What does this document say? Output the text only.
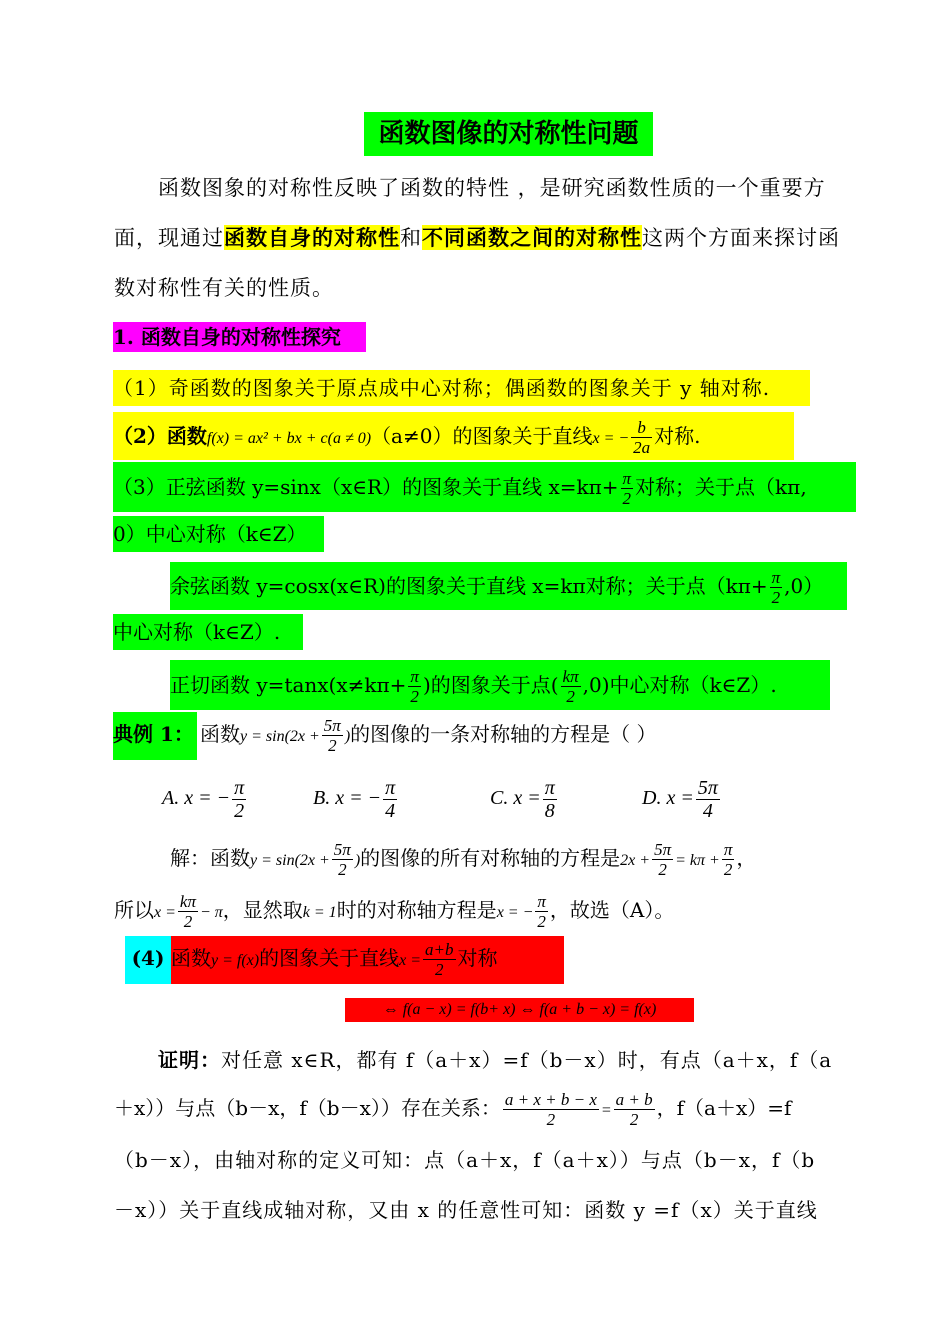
函数图像的对称性问题
函数图象的对称性反映了函数的特性 ，是研究函数性质的一个重要方
面，现通过函数自身的对称性和不同函数之间的对称性这两个方面来探讨函
数对称性有关的性质。
1. 函数自身的对称性探究
（1）奇函数的图象关于原点成中心对称；偶函数的图象关于 y 轴对称.
（2）函数f(x) = ax² + bx + c(a ≠ 0)（a≠0）的图象关于直线x = − $\frac{b}{2a}$ 对称.
（3）正弦函数 y=sinx（x∈R）的图象关于直线 $x=k\pi+ \frac{\pi}{2}$ 对称；关于点（kπ,
0）中心对称（k∈Z）
余弦函数 y=cosx(x∈R)的图象关于直线 x=kπ对称；关于点$(k\pi+ \frac{\pi}{2} ,0)$
中心对称（k∈Z）.
正切函数 $y=\tan x(x\ne k\pi+ \frac{\pi}{2}$ )的图象关于点( $\frac{k\pi}{2} ,0$)中心对称（k∈Z）.
典例 1： 函数$y = \sin(2x + \frac{5\pi}{2}$ )的图像的一条对称轴的方程是（ ）
A. x = − $\frac{\pi}{2}$	B. x = − $\frac{\pi}{4}$	C. $x = \frac{\pi}{8}$	D. $x = \frac{5\pi}{4}$
解：函数$y = \sin(2x + \frac{5\pi}{2}$ )的图像的所有对称轴的方程是$2x + \frac{5\pi}{2} = k\pi + \frac{\pi}{2}$ ，
所以$x = \frac{k\pi}{2} - \pi$，显然取k = 1时的对称轴方程是x = − $\frac{\pi}{2}$ ，故选（A）。
(4) 函数y = f(x)的图象关于直线$x = \frac{a+b}{2}$ 对称
⇔ f(a − x) = f(b+ x) ⇔ f(a + b − x) = f(x)
证明：对任意 x∈R，都有 f（a＋x）=f（b－x）时，有点（a＋x，f（a
＋x））与点（b－x，f（b－x））存在关系： $\frac{a + x + b - x}{2} = \frac{a + b}{2}$ ，f（a＋x）=f
（b－x），由轴对称的定义可知：点（a＋x，f（a＋x））与点（b－x，f（b
－x））关于直线成轴对称，又由 x 的任意性可知：函数 y =f（x）关于直线
